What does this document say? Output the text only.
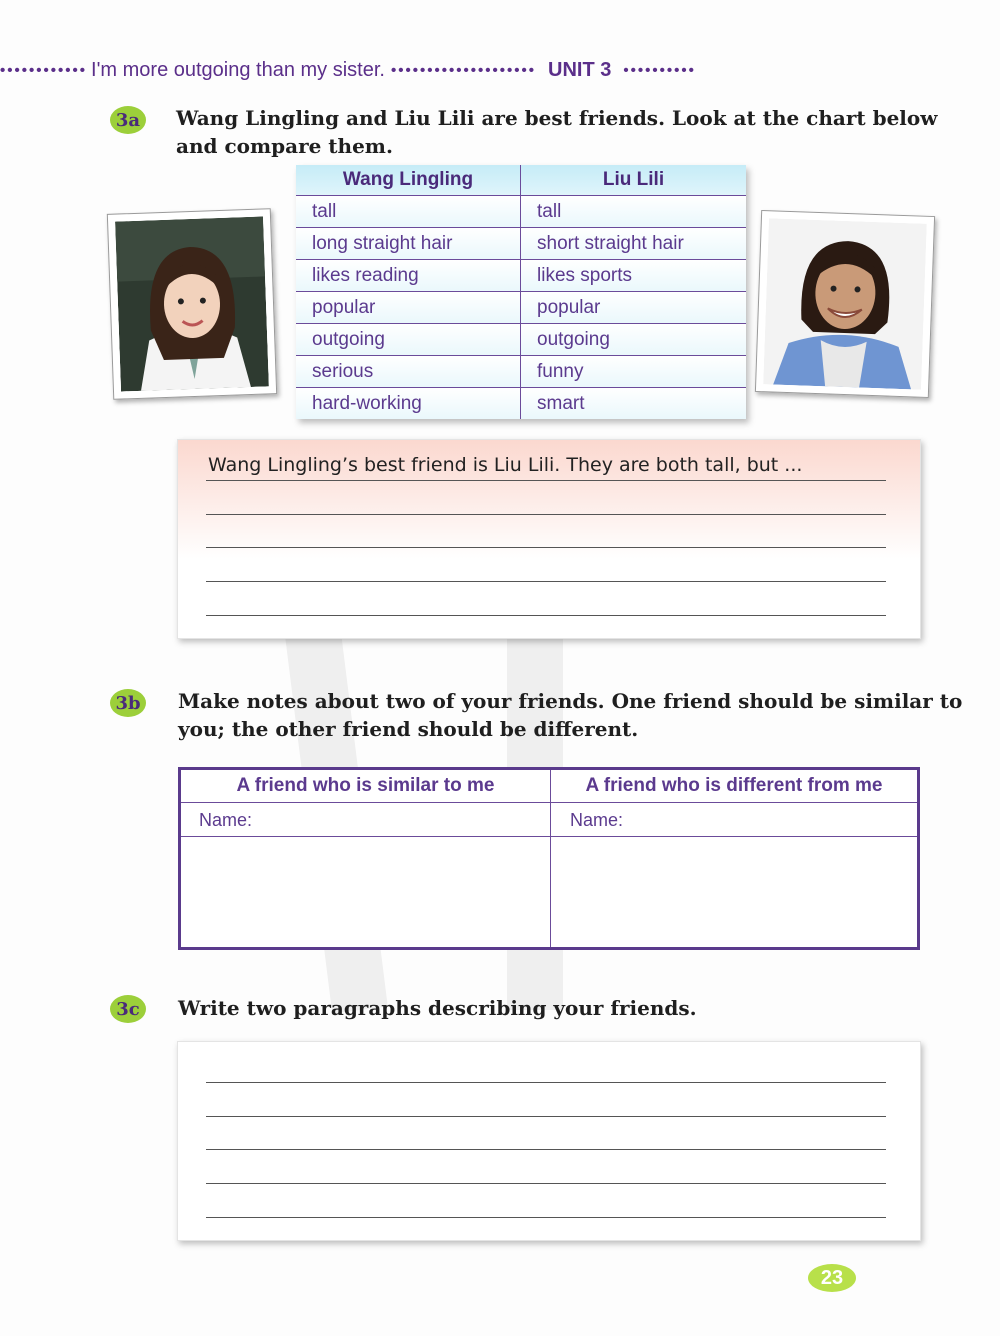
•••••••••••• I'm more outgoing than my sister. •••••••••••••••••••• UNIT 3 ••••••••••
3a Wang Lingling and Liu Lili are best friends. Look at the chart below
and compare them.
Wang Lingling	Liu Lili
tall	tall
long straight hair	short straight hair
likes reading	likes sports
popular	popular
outgoing	outgoing
serious	funny
hard-working	smart
Wang Lingling’s best friend is Liu Lili. They are both tall, but ...
3b Make notes about two of your friends. One friend should be similar to
you; the other friend should be different.
A friend who is similar to me	A friend who is different from me
Name:	Name:
3c	Write two paragraphs describing your friends.
23
